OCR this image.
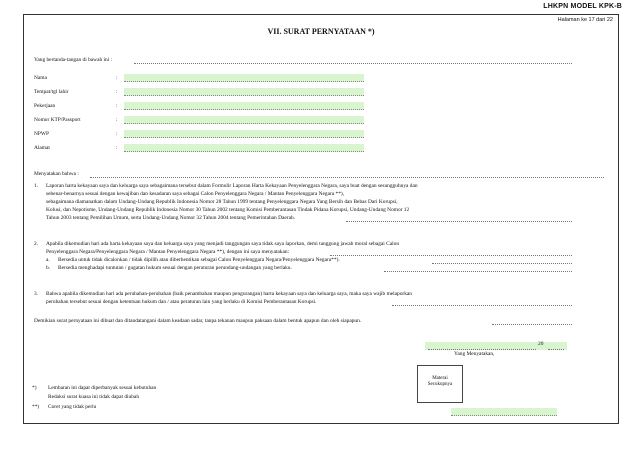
LHKPN MODEL KPK-B
Halaman ke 17 dari 22
VII. SURAT PERNYATAAN *)
Yang bertanda-tangan di bawah ini :
Nama	:
Tempat/tgl lahir	:
Pekerjaan	:
Nomor KTP/Passport	:
NPWP	:
Alamat	:
Menyatakan bahwa :
1. Laporan harta kekayaan saya dan keluarga saya sebagaimana tersebut dalam Formulir Laporan Harta Kekayaan Penyelenggara Negara, saya buat dengan sesungguhnya dan
sebenar-benarnya sesuai dengan kewajiban dan kesadaran saya sebagai Calon Penyelenggara Negara / Mantan Penyelenggara Negara **),
sebagaimana diamanatkan dalam Undang-Undang Republik Indonesia Nomor 28 Tahun 1999 tentang Penyelenggara Negara Yang Bersih dan Bebas Dari Korupsi,
Kolusi, dan Nepotisme, Undang-Undang Republik Indonesia Nomor 30 Tahun 2002 tentang Komisi Pemberantasan Tindak Pidana Korupsi, Undang-Undang Nomor 12
Tahun 2003 tentang Pemilihan Umum, serta Undang-Undang Nomor 32 Tahun 2004 tentang Pemerintahan Daerah.
2. Apabila dikemudian hari ada harta kekayaan saya dan keluarga saya yang menjadi tanggungan saya tidak saya laporkan, demi tanggung jawab moral sebagai Calon
Penyelenggara Negara/Penyelenggara Negara / Mantan Penyelenggara Negara **), dengan ini saya menyatakan:
a. Bersedia untuk tidak dicalonkan / tidak dipilih atau diberhentikan sebagai Calon Penyelenggara Negara/Penyelenggara Negara**).
b. Bersedia menghadapi tuntutan / gugatan hukum sesuai dengan peraturan perundang-undangan yang berlaku.
3. Bahwa apabila dikemudian hari ada perubahan-perubahan (baik penambahan maupun pengurangan) harta kekayaan saya dan keluarga saya, maka saya wajib melaporkan
perubahan tersebut sesuai dengan ketentuan hukum dan / atau peraturan lain yang berlaku di Komisi Pemberantasan Korupsi.
Demikian surat pernyataan ini dibuat dan ditandatangani dalam keadaan sadar, tanpa tekanan maupun paksaan dalam bentuk apapun dan oleh siapapun.
20
Yang Menyatakan,
Materai
Secukupnya
*) Lembaran ini dapat diperbanyak sesuai kebutuhan
Redaksi surat kuasa ini tidak dapat diubah
**) Coret yang tidak perlu
